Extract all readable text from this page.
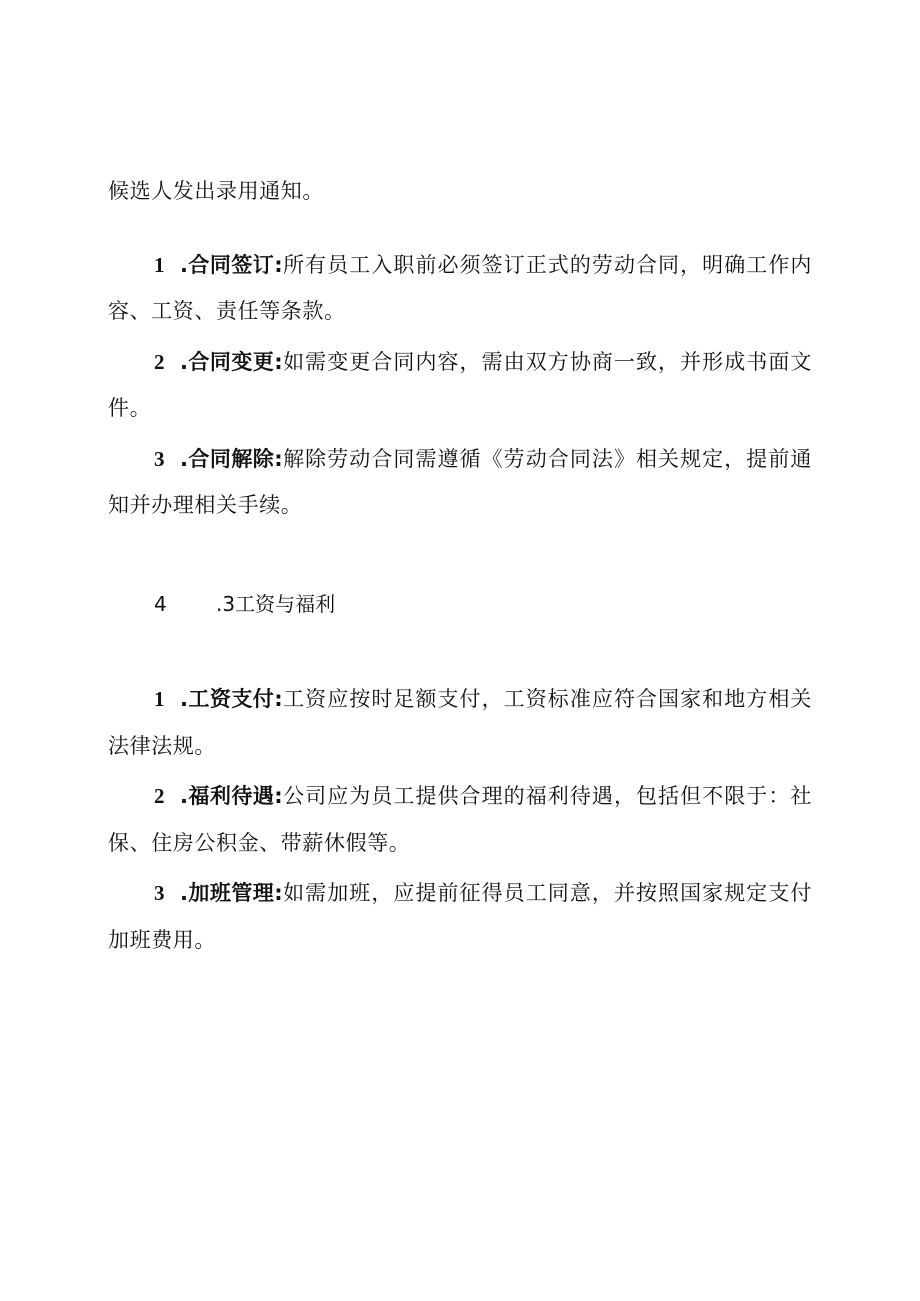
候选人发出录用通知。
1 .合同签订:所有员工入职前必须签订正式的劳动合同，明确工作内
容、工资、责任等条款。
2 .合同变更:如需变更合同内容，需由双方协商一致，并形成书面文
件。
3 .合同解除:解除劳动合同需遵循《劳动合同法》相关规定，提前通
知并办理相关手续。
4 .3工资与福利
1 .工资支付:工资应按时足额支付，工资标准应符合国家和地方相关
法律法规。
2 .福利待遇:公司应为员工提供合理的福利待遇，包括但不限于：社
保、住房公积金、带薪休假等。
3 .加班管理:如需加班，应提前征得员工同意，并按照国家规定支付
加班费用。
